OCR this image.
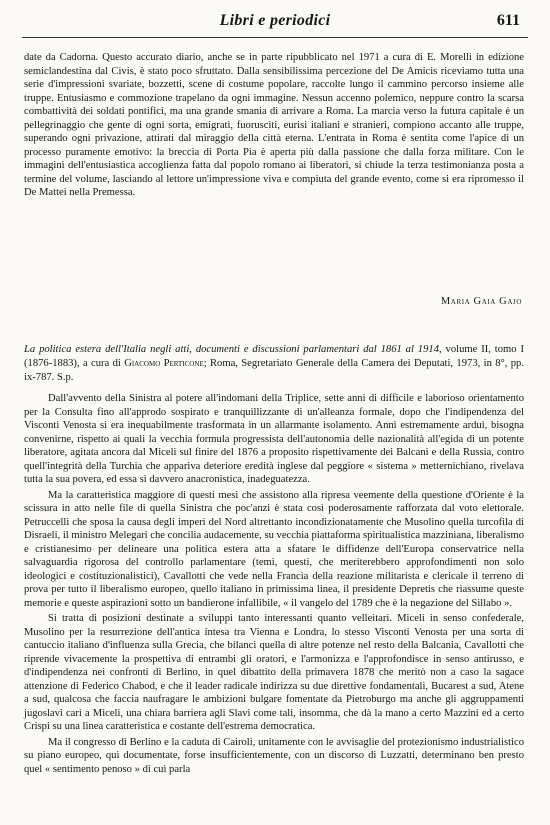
Libri e periodici	611

date da Cadorna. Questo accurato diario, anche se in parte ripubblicato nel 1971 a cura di E. Morelli in edizione semiclandestina dal Civis, è stato poco sfruttato. Dalla sensibilissima percezione del De Amicis riceviamo tutta una serie d'impressioni svariate, bozzetti, scene di costume popolare, raccolte lungo il cammino percorso insieme alle truppe. Entusiasmo e commozione trapelano da ogni immagine. Nessun accenno polemico, neppure contro la scarsa combattività dei soldati pontifici, ma una grande smania di arrivare a Roma. La marcia verso la futura capitale è un pellegrinaggio che gente di ogni sorta, emigrati, fuorusciti, eurisi italiani e stranieri, compiono accanto alle truppe, superando ogni privazione, attirati dal miraggio della città eterna. L'entrata in Roma è sentita come l'apice di un processo puramente emotivo: la breccia di Porta Pia è aperta più dalla passione che dalla forza militare. Con le immagini dell'entusiastica accoglienza fatta dal popolo romano ai liberatori, si chiude la terza testimonianza posta a termine del volume, lasciando al lettore un'impressione viva e compiuta del grande evento, come si era ripromesso il De Mattei nella Premessa.

Maria Gaia Gajo
La politica estera dell'Italia negli atti, documenti e discussioni parlamentari dal 1861 al 1914, volume II, tomo I (1876-1883), a cura di Giacomo Perticone; Roma, Segretariato Generale della Camera dei Deputati, 1973, in 8°, pp. ix-787. S.p.

Dall'avvento della Sinistra al potere all'indomani della Triplice, sette anni di difficile e laborioso orientamento per la Consulta fino all'approdo sospirato e tranquillizzante di un'alleanza formale, dopo che l'indipendenza del Visconti Venosta si era inequabilmente trasformata in un allarmante isolamento. Anni estremamente ardui, bisogna convenirne, rispetto ai quali la vecchia formula progressista dell'autonomia delle nazionalità all'egida di un potente liberatore, agitata ancora dal Miceli sul finire del 1876 a proposito rispettivamente dei Balcani e della Russia, contro quell'integrità della Turchia che appariva deteriore eredità inglese dal peggiore « sistema » metternichiano, rivelava tutta la sua povera, ed essa sì davvero anacronistica, inadeguatezza.

Ma la caratteristica maggiore di questi mesi che assistono alla ripresa veemente della questione d'Oriente è la scissura in atto nelle file di quella Sinistra che poc'anzi è stata così poderosamente rafforzata dal voto elettorale. Petruccelli che sposa la causa degli imperi del Nord altrettanto incondizionatamente che Musolino quella turcofila di Disraeli, il ministro Melegari che concilia audacemente, su vecchia piattaforma spiritualistica mazziniana, liberalismo e cristianesimo per delineare una politica estera atta a sfatare le diffidenze dell'Europa conservatrice nella salvaguardia rigorosa del controllo parlamentare (temi, questi, che meriterebbero approfondimenti non solo ideologici e costituzionalistici), Cavallotti che vede nella Francia della reazione militarista e clericale il terreno di prova per tutto il liberalismo europeo, quello italiano in primissima linea, il presidente Depretis che riassume queste memorie e queste aspirazioni sotto un bandierone infallibile, « il vangelo del 1789 che è la negazione del Sillabo ».

Si tratta di posizioni destinate a sviluppi tanto interessanti quanto velleitari. Miceli in senso confederale, Musolino per la resurrezione dell'antica intesa tra Vienna e Londra, lo stesso Visconti Venosta per una sorta di cantuccio italiano d'influenza sulla Grecia, che bilanci quella di altre potenze nel resto della Balcania, Cavallotti che riprende vivacemente la prospettiva di entrambi gli oratori, e l'armonizza e l'approfondisce in senso antirusso, e d'indipendenza nei confronti di Berlino, in quel dibattito della primavera 1878 che meritò non a caso la sagace attenzione di Federico Chabod, e che il leader radicale indirizza su due direttive fondamentali, Bucarest a sud, Atene a sud, qualcosa che faccia naufragare le ambizioni bulgare fomentate da Pietroburgo ma anche gli aggruppamenti jugoslavi cari a Miceli, una chiara barriera agli Slavi come tali, insomma, che dà la mano a certo Mazzini ed a certo Crispi su una linea caratteristica e costante dell'estrema democratica.

Ma il congresso di Berlino e la caduta di Cairoli, unitamente con le avvisaglie del protezionismo industrialistico su piano europeo, qui documentate, forse insufficientemente, con un discorso di Luzzatti, determinano ben presto quel « sentimento penoso » di cui parla
